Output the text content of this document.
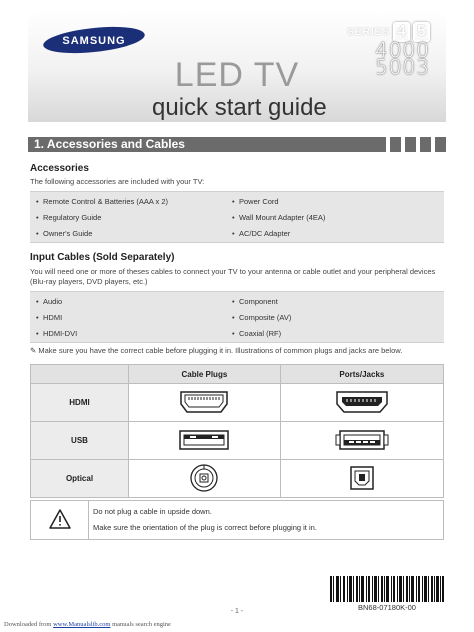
SAMSUNG
SERIES 4 5
4000
5003
LED TV
quick start guide
1. Accessories and Cables
Accessories
The following accessories are included with your TV:
• Remote Control & Batteries (AAA x 2)
• Regulatory Guide
• Owner's Guide
• Power Cord
• Wall Mount Adapter (4EA)
• AC/DC Adapter
Input Cables (Sold Separately)
You will need one or more of theses cables to connect your TV to your antenna or cable outlet and your peripheral devices (Blu-ray players, DVD players, etc.)
• Audio
• HDMI
• HDMI-DVI
• Component
• Composite (AV)
• Coaxial (RF)
✎ Make sure you have the correct cable before plugging it in. Illustrations of common plugs and jacks are below.
	Cable Plugs	Ports/Jacks
HDMI		
USB		
Optical		
Do not plug a cable in upside down.
Make sure the orientation of the plug is correct before plugging it in.
BN68-07180K-00
- 1 -
Downloaded from www.Manualslib.com manuals search engine
